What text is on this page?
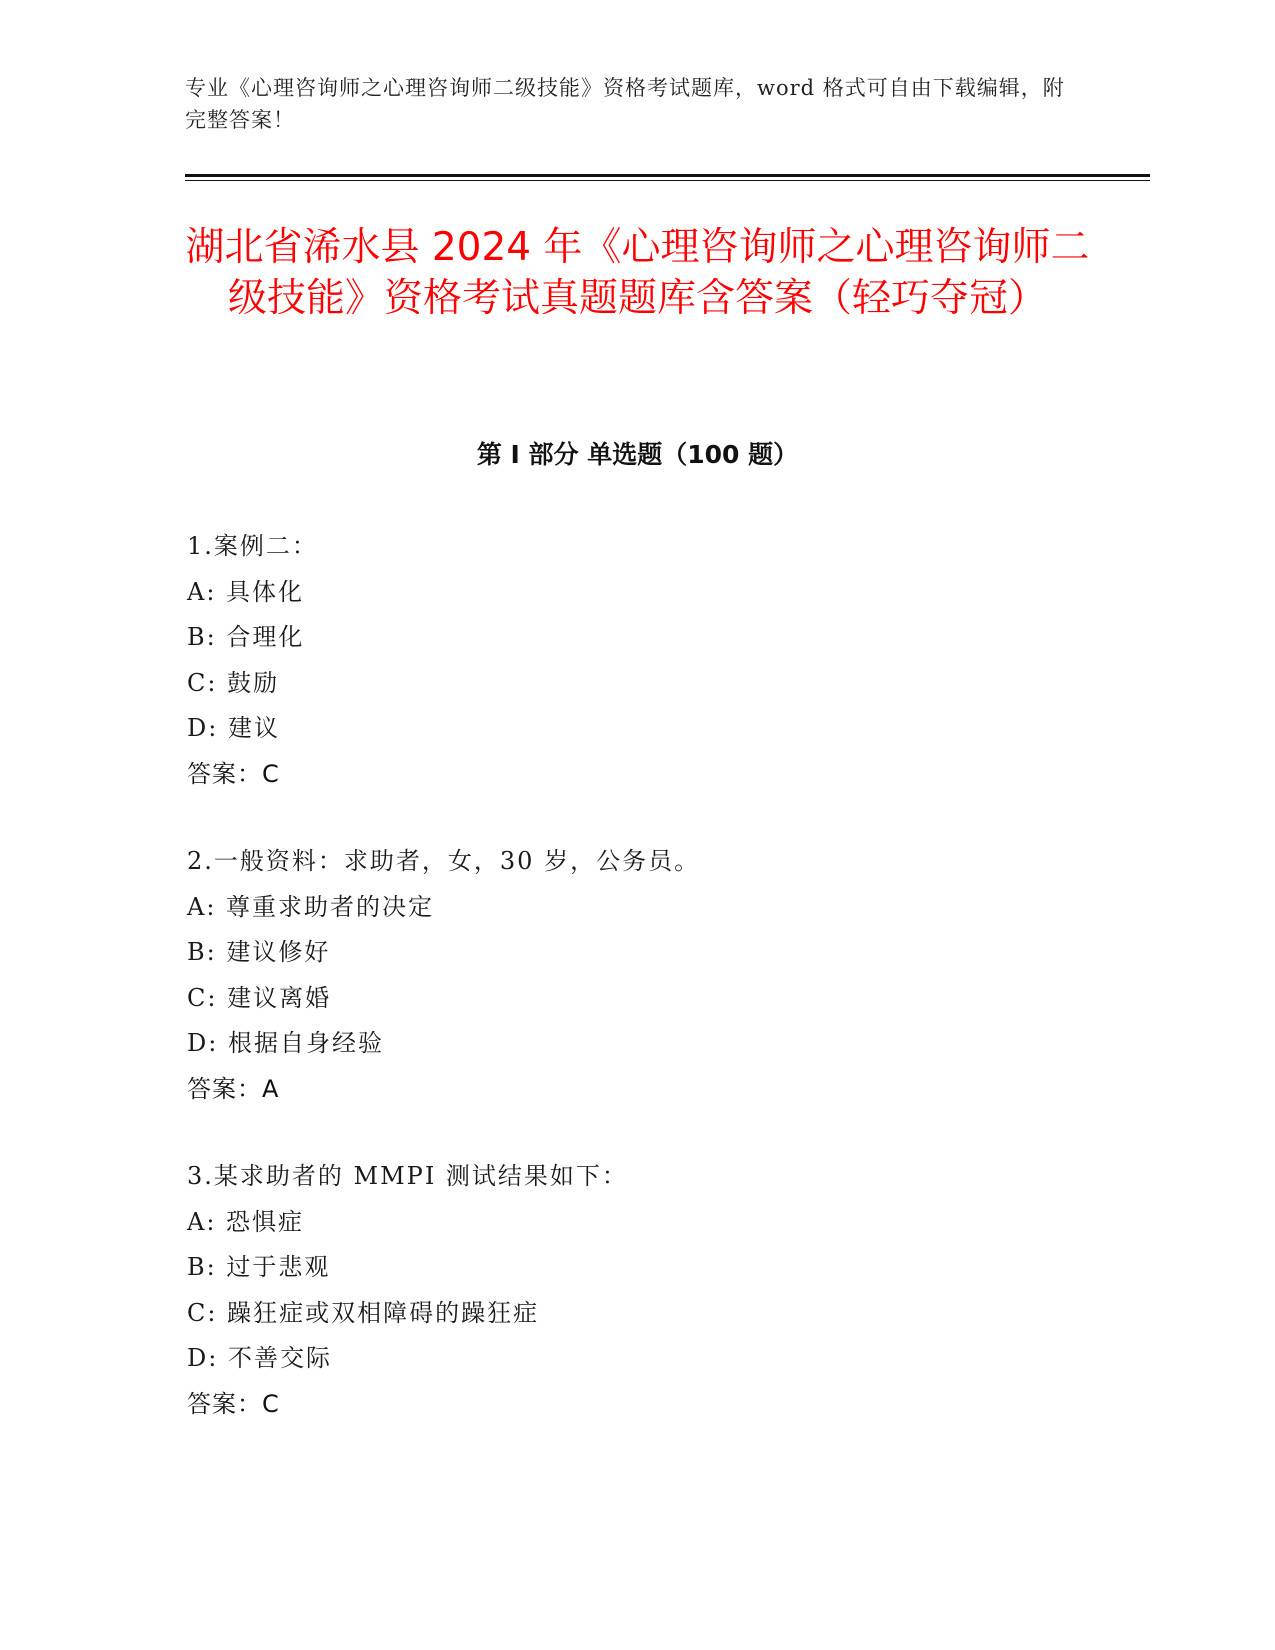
专业《心理咨询师之心理咨询师二级技能》资格考试题库，word 格式可自由下载编辑，附完整答案！
湖北省浠水县 2024 年《心理咨询师之心理咨询师二级技能》资格考试真题题库含答案（轻巧夺冠）
第 I 部分 单选题（100 题）
1.案例二：
A: 具体化
B: 合理化
C: 鼓励
D: 建议
答案：C
2.一般资料：求助者，女，30 岁，公务员。
A: 尊重求助者的决定
B: 建议修好
C: 建议离婚
D: 根据自身经验
答案：A
3.某求助者的 MMPI 测试结果如下：
A: 恐惧症
B: 过于悲观
C: 躁狂症或双相障碍的躁狂症
D: 不善交际
答案：C
